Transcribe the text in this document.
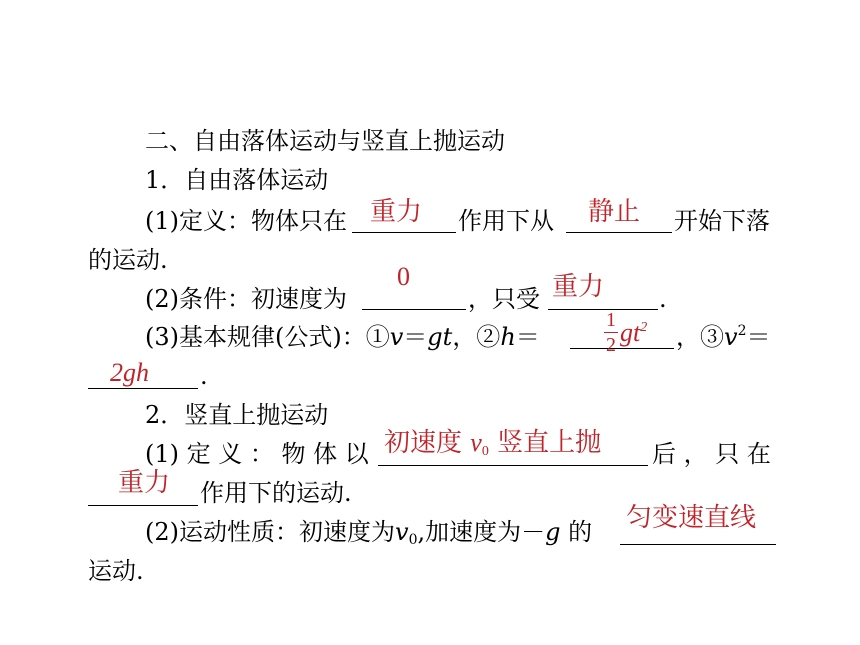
二、自由落体运动与竖直上抛运动
1．自由落体运动
(1)定义：物体只在 重力 作用下从 静止 开始下落
的运动.
(2)条件：初速度为
0
，只受 重力 .
(3)基本规律(公式)：①v＝gt，②h＝
1
2 $gt^2$ ，$③v^2=$
2gh .
2．竖直上抛运动
(1) 定 义 ： 物 体 以 初速度 $v_0$ 竖直上抛 后 ， 只 在
重力 作用下的运动.
(2)运动性质：初速度为$v_0$,加速度为－g 的 匀变速直线
运动.
